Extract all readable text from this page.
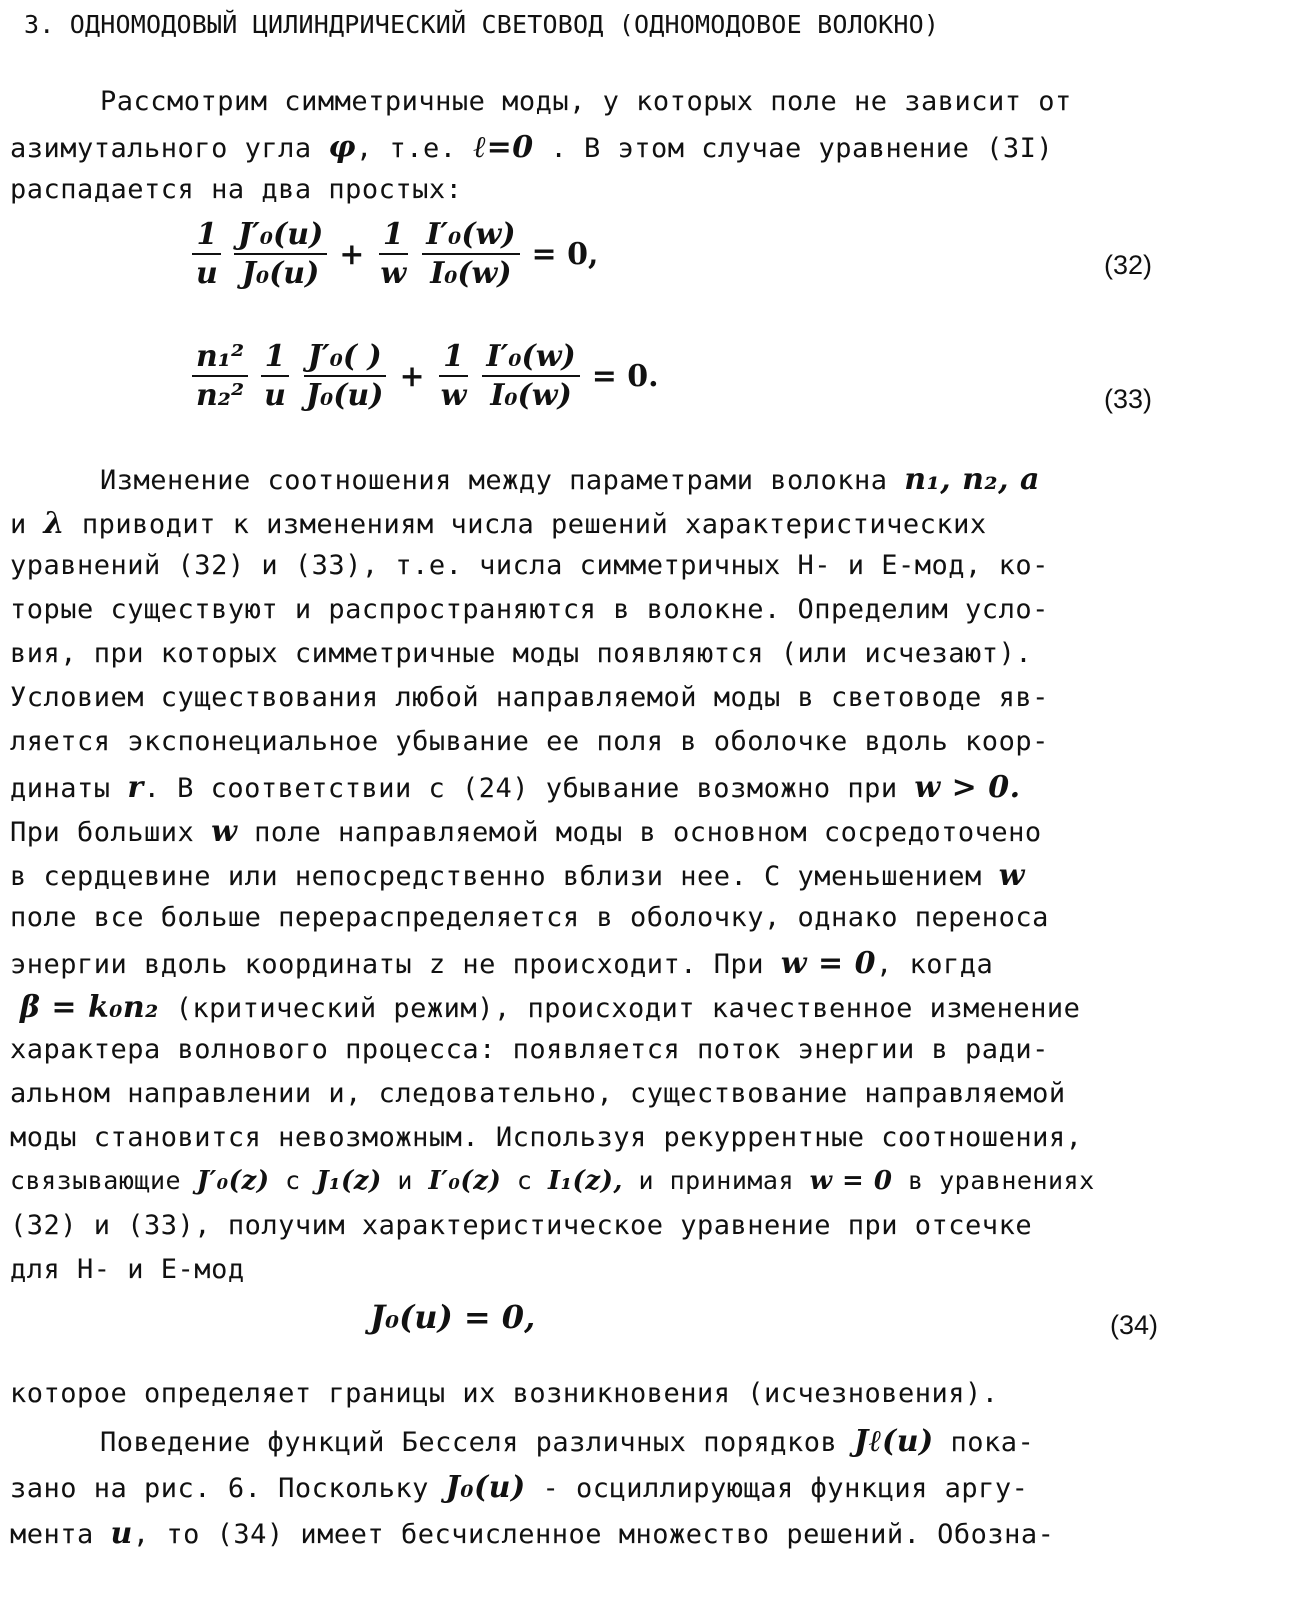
3. ОДНОМОДОВЫЙ ЦИЛИНДРИЧЕСКИЙ СВЕТОВОД (ОДНОМОДОВОЕ ВОЛОКНО)
Рассмотрим симметричные моды, у которых поле не зависит от
азимутального угла φ, т.е. ℓ=0 . В этом случае уравнение (3I)
распадается на два простых:
$\frac{1}{u} \frac{\text{J′₀(u)}}{\text{J₀(u)}} + \frac{1}{w} \frac{\text{I′₀(w)}}{\text{I₀(w)}} = 0$,	(32)
$\frac{\text{n₁²}}{\text{n₂²}} \frac{1}{u} \frac{\text{J′₀( )}}{\text{J₀(u)}} + \frac{1}{w} \frac{\text{I′₀(w)}}{\text{I₀(w)}} = 0$.
(33)
Изменение соотношения между параметрами волокна n₁, n₂, a
и λ приводит к изменениям числа решений характеристических
уравнений (32) и (33), т.е. числа симметричных Н- и Е-мод, ко-
торые существуют и распространяются в волокне. Определим усло-
вия, при которых симметричные моды появляются (или исчезают).
Условием существования любой направляемой моды в световоде яв-
ляется экспонециальное убывание ее поля в оболочке вдоль коор-
динаты r. В соответствии с (24) убывание возможно при w > 0.
При больших w поле направляемой моды в основном сосредоточено
в сердцевине или непосредственно вблизи нее. С уменьшением w
поле все больше перераспределяется в оболочку, однако переноса
энергии вдоль координаты z не происходит. При w = 0, когда
β = k₀n₂ (критический режим), происходит качественное изменение
характера волнового процесса: появляется поток энергии в ради-
альном направлении и, следовательно, существование направляемой
моды становится невозможным. Используя рекуррентные соотношения,
связывающие J′₀(z) с J₁(z) и I′₀(z) с I₁(z), и принимая w = 0 в уравнениях
(32) и (33), получим характеристическое уравнение при отсечке
для Н- и Е-мод
J₀(u) = 0,	(34)
которое определяет границы их возникновения (исчезновения).
Поведение функций Бесселя различных порядков Jℓ(u) пока-
зано на рис. 6. Поскольку J₀(u) - осциллирующая функция аргу-
мента u, то (34) имеет бесчисленное множество решений. Обозна-
